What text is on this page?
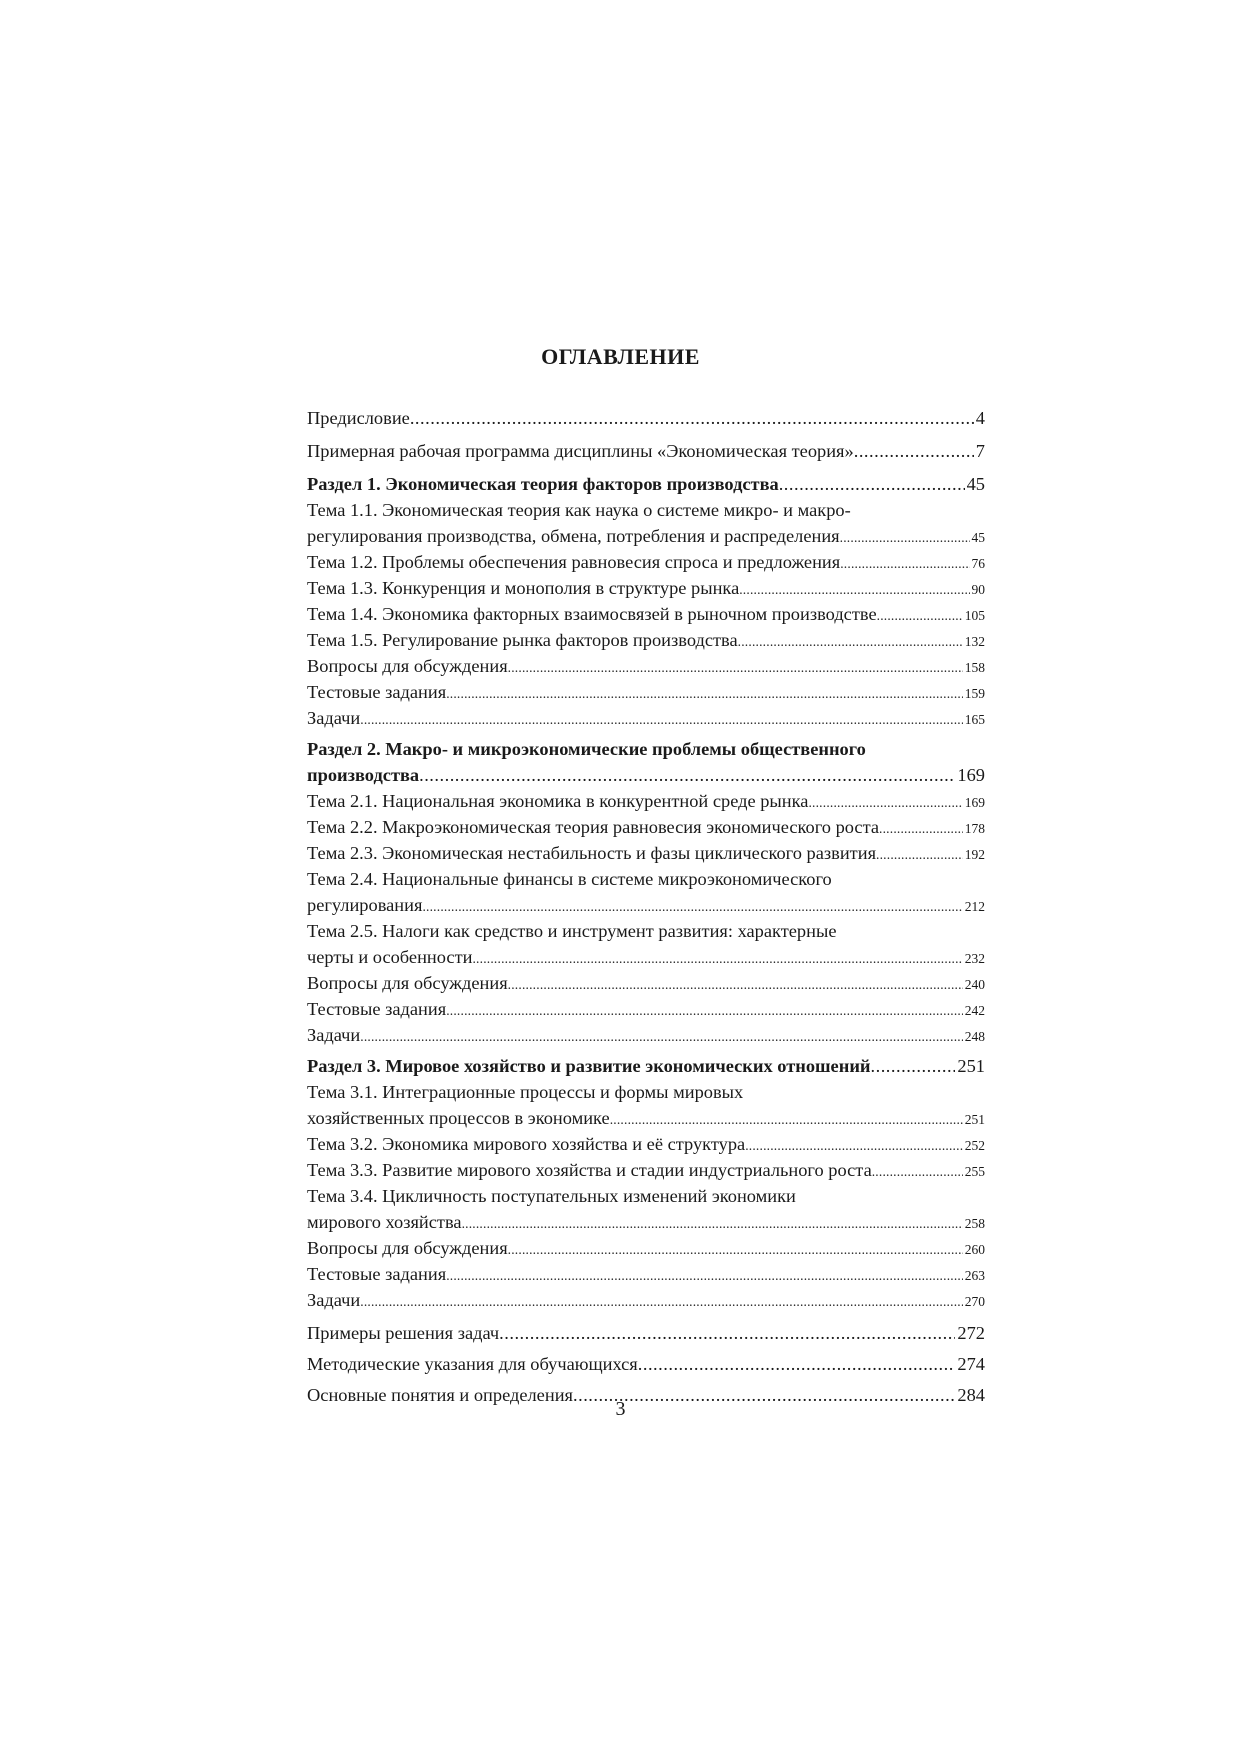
ОГЛАВЛЕНИЕ
Предисловие .....	4
Примерная рабочая программа дисциплины «Экономическая теория» .....	7
Раздел 1. Экономическая теория факторов производства .....	45
Тема 1.1. Экономическая теория как наука о системе микро- и макро-
регулирования производства, обмена, потребления и распределения .....	45
Тема 1.2. Проблемы обеспечения равновесия спроса и предложения .....	76
Тема 1.3. Конкуренция и монополия в структуре рынка .....	90
Тема 1.4. Экономика факторных взаимосвязей в рыночном производстве .....	105
Тема 1.5. Регулирование рынка факторов производства .....	132
Вопросы для обсуждения .....	158
Тестовые задания .....	159
Задачи .....	165
Раздел 2. Макро- и микроэкономические проблемы общественного
производства .....	169
Тема 2.1. Национальная экономика в конкурентной среде рынка .....	169
Тема 2.2. Макроэкономическая теория равновесия экономического роста .....	178
Тема 2.3. Экономическая нестабильность и фазы циклического развития .....	192
Тема 2.4. Национальные финансы в системе микроэкономического
регулирования .....	212
Тема 2.5. Налоги как средство и инструмент развития: характерные
черты и особенности .....	232
Вопросы для обсуждения .....	240
Тестовые задания .....	242
Задачи .....	248
Раздел 3. Мировое хозяйство и развитие экономических отношений .....	251
Тема 3.1. Интеграционные процессы и формы мировых
хозяйственных процессов в экономике .....	251
Тема 3.2. Экономика мирового хозяйства и её структура .....	252
Тема 3.3. Развитие мирового хозяйства и стадии индустриального роста .....	255
Тема 3.4. Цикличность поступательных изменений экономики
мирового хозяйства .....	258
Вопросы для обсуждения .....	260
Тестовые задания .....	263
Задачи .....	270
Примеры решения задач .....	272
Методические указания для обучающихся .....	274
Основные понятия и определения .....	284
3
